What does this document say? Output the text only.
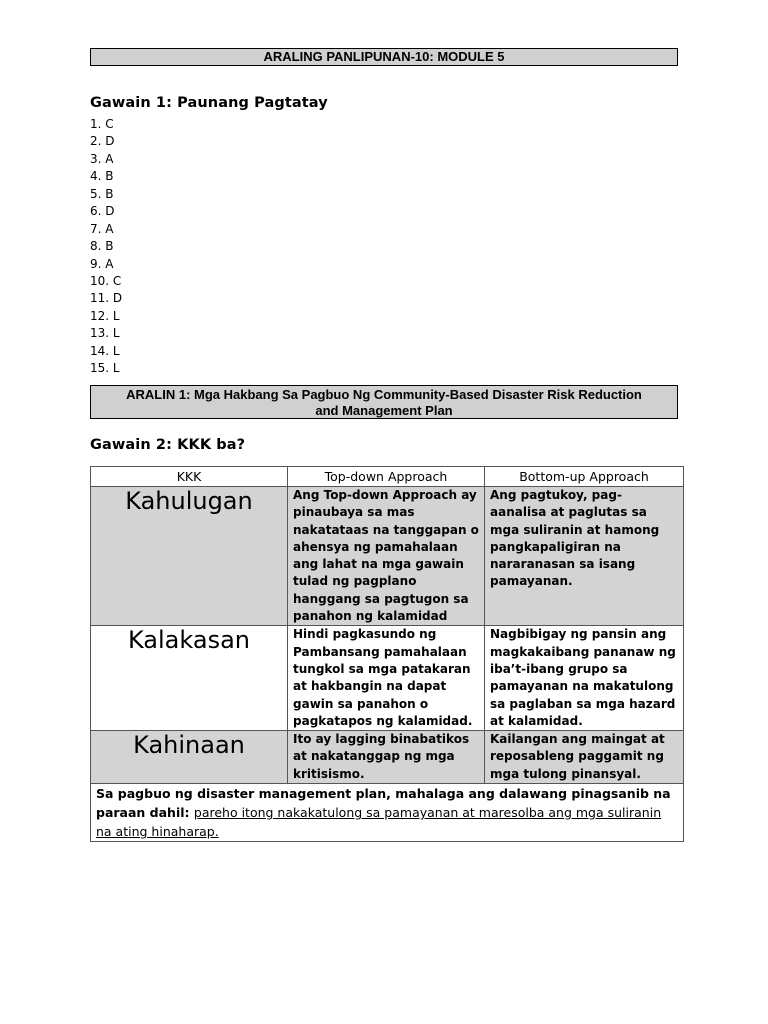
ARALING PANLIPUNAN-10: MODULE 5
Gawain 1: Paunang Pagtatay
1. C
2. D
3. A
4. B
5. B
6. D
7. A
8. B
9. A
10. C
11. D
12. L
13. L
14. L
15. L
ARALIN 1: Mga Hakbang Sa Pagbuo Ng Community-Based Disaster Risk Reduction
and Management Plan
Gawain 2: KKK ba?
KKK	Top-down Approach	Bottom-up Approach
Kahulugan	Ang Top-down Approach ay pinaubaya sa mas nakatataas na tanggapan o ahensya ng pamahalaan ang lahat na mga gawain tulad ng pagplano hanggang sa pagtugon sa panahon ng kalamidad	Ang pagtukoy, pag-aanalisa at paglutas sa mga suliranin at hamong pangkapaligiran na nararanasan sa isang pamayanan.
Kalakasan	Hindi pagkasundo ng Pambansang pamahalaan tungkol sa mga patakaran at hakbangin na dapat gawin sa panahon o pagkatapos ng kalamidad.	Nagbibigay ng pansin ang magkakaibang pananaw ng iba’t-ibang grupo sa pamayanan na makatulong sa paglaban sa mga hazard at kalamidad.
Kahinaan	Ito ay lagging binabatikos at nakatanggap ng mga kritisismo.	Kailangan ang maingat at reposableng paggamit ng mga tulong pinansyal.
Sa pagbuo ng disaster management plan, mahalaga ang dalawang pinagsanib na paraan dahil: pareho itong nakakatulong sa pamayanan at maresolba ang mga suliranin na ating hinaharap.		
